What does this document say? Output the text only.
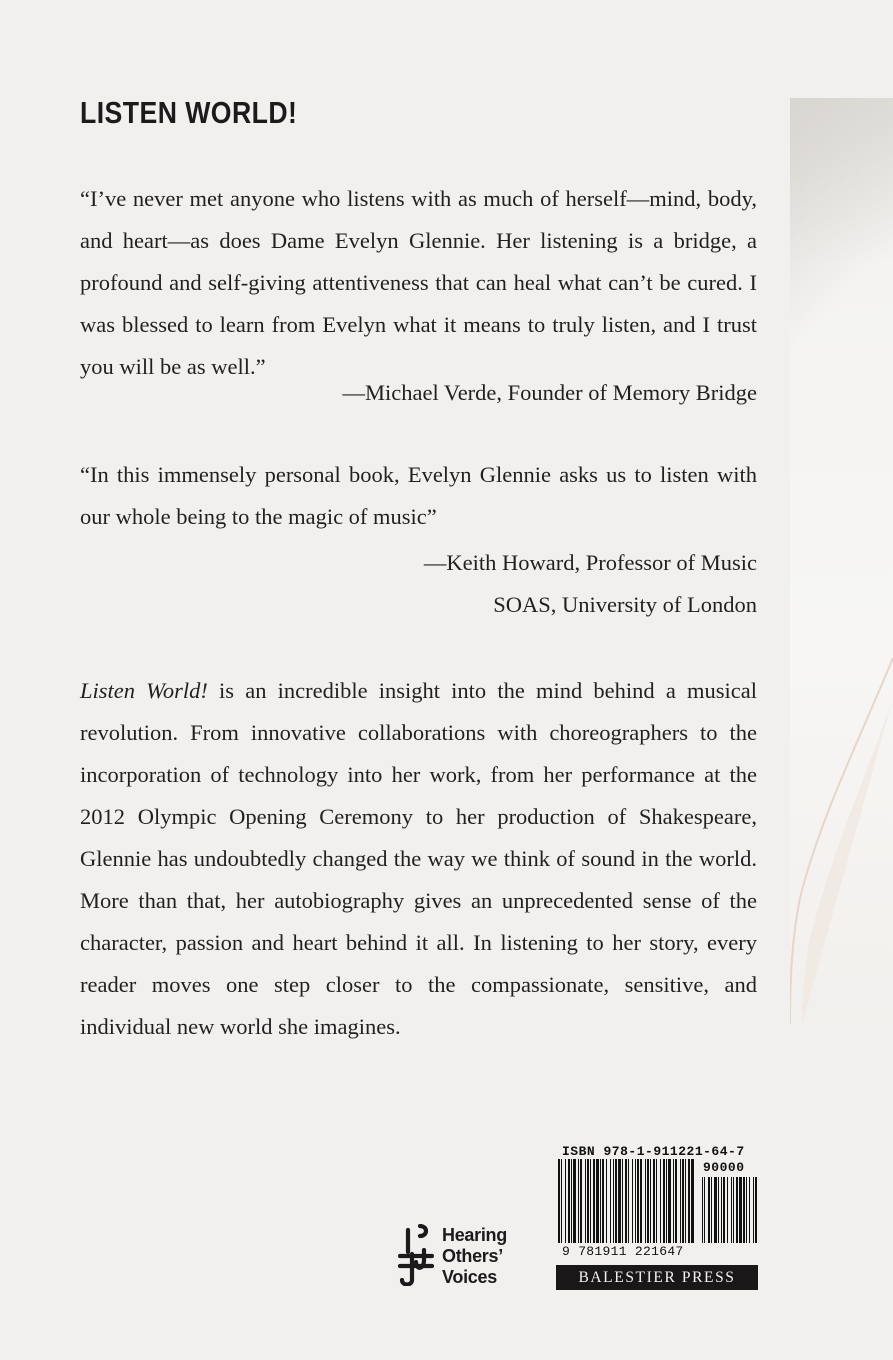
LISTEN WORLD!

“I’ve never met anyone who listens with as much of herself—mind, body, and heart—as does Dame Evelyn Glennie. Her listening is a bridge, a profound and self-giving attentiveness that can heal what can’t be cured. I was blessed to learn from Evelyn what it means to truly listen, and I trust you will be as well.”

—Michael Verde, Founder of Memory Bridge

“In this immensely personal book, Evelyn Glennie asks us to listen with our whole being to the magic of music”

—Keith Howard, Professor of Music
SOAS, University of London

Listen World! is an incredible insight into the mind behind a musical revolution. From innovative collaborations with choreographers to the incorporation of technology into her work, from her performance at the 2012 Olympic Opening Ceremony to her production of Shakespeare, Glennie has undoubtedly changed the way we think of sound in the world. More than that, her autobiography gives an unprecedented sense of the character, passion and heart behind it all. In listening to her story, every reader moves one step closer to the compassionate, sensitive, and individual new world she imagines.

Hearing
Others’
Voices
ISBN 978-1-911221-64-7
90000
9 781911 221647
BALESTIER PRESS
